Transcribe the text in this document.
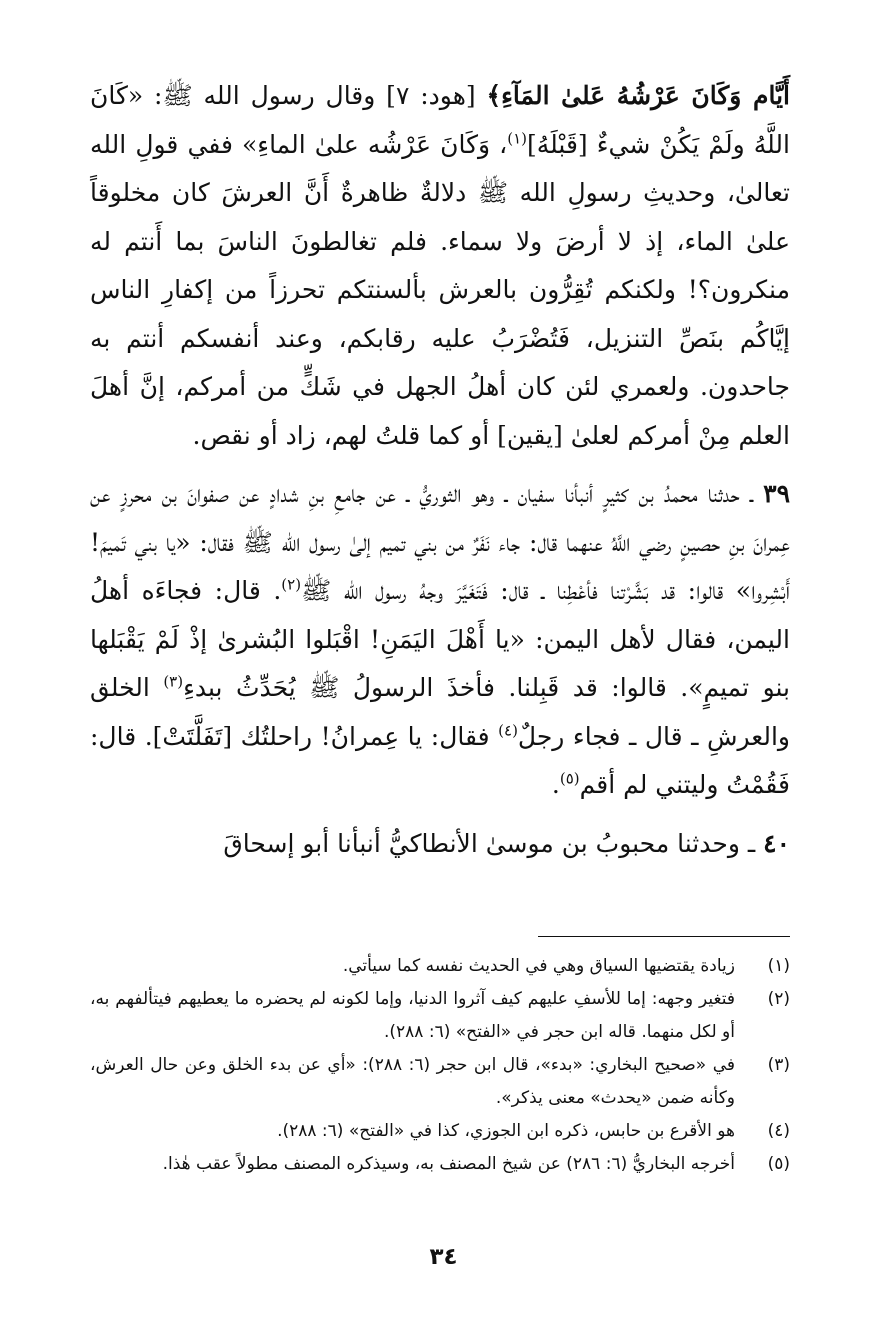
أَيَّام وَكَانَ عَرْشُهُ عَلىٰ المَآءِ﴾ [هود: ٧] وقال رسول الله ﷺ: «كَانَ اللَّهُ ولَمْ يَكُنْ شيءٌ [قَبْلَهُ]$^{(١)}$، وَكَانَ عَرْشُه علىٰ الماءِ» ففي قولِ الله تعالىٰ، وحديثِ رسولِ الله ﷺ دلالةٌ ظاهرةٌ أَنَّ العرشَ كان مخلوقاً علىٰ الماء، إذ لا أرضَ ولا سماء. فلم تغالطونَ الناسَ بما أَنتم له منكرون؟! ولكنكم تُقِرُّون بالعرش بألسنتكم تحرزاً من إكفارِ الناس إيَّاكُم بنَصِّ التنزيل، فَتُضْرَبُ عليه رقابكم، وعند أنفسكم أنتم به جاحدون. ولعمري لئن كان أهلُ الجهل في شَكٍّ من أمركم، إنَّ أهلَ العلم مِنْ أمركم لعلىٰ [يقين] أو كما قلتُ لهم، زاد أو نقص.

٣٩ ـ حدثنا محمدُ بن كثيرٍ أنبأنا سفيان ـ وهو الثوريُّ ـ عن جامعِ بنِ شدادٍ عن صفوانَ بن محرزٍ عن عِمرانَ بنِ حصينٍ رضي اللَّهُ عنهما قال: جاء نَفَرٌ من بني تميم إلىٰ رسول الله ﷺ فقال: «يا بني تَميمَ! أَبْشِروا» قالوا: قد بَشَّرْتنا فأعْطِنا ـ قال: فَتَغَيَّرَ وجهُ رسول الله ﷺ$^{(٢)}$. قال: فجاءَه أهلُ اليمن، فقال لأهل اليمن: «يا أَهْلَ اليَمَنِ! اقْبَلوا البُشرىٰ إذْ لَمْ يَقْبَلها بنو تميمٍ». قالوا: قد قَبِلنا. فأخذَ الرسولُ ﷺ يُحَدِّثُ ببدءِ$^{(٣)}$ الخلق والعرشِ ـ قال ـ فجاء رجلٌ$^{(٤)}$ فقال: يا عِمرانُ! راحلتُك [تَفَلَّتَتْ]. قال: فَقُمْتُ وليتني لم أقم$^{(٥)}$.

٤٠ ـ وحدثنا محبوبُ بن موسىٰ الأنطاكيُّ أنبأنا أبو إسحاقَ

(١)
زيادة يقتضيها السياق وهي في الحديث نفسه كما سيأتي.
(٢)
فتغير وجهه: إما للأسفِ عليهم كيف آثروا الدنيا، وإما لكونه لم يحضره ما يعطيهم فيتألفهم به، أو لكل منهما. قاله ابن حجر في «الفتح» (٦: ٢٨٨).
(٣)
في «صحيح البخاري: «بدء»، قال ابن حجر (٦: ٢٨٨): «أي عن بدء الخلق وعن حال العرش، وكأنه ضمن «يحدث» معنى يذكر».
(٤)
هو الأقرع بن حابس، ذكره ابن الجوزي، كذا في «الفتح» (٦: ٢٨٨).
(٥)
أخرجه البخاريُّ (٦: ٢٨٦) عن شيخ المصنف به، وسيذكره المصنف مطولاً عقب هٰذا.
٣٤
